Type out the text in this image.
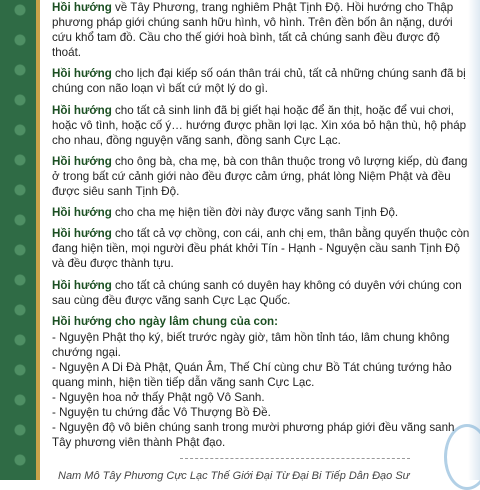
Hồi hướng về Tây Phương, trang nghiêm Phật Tịnh Độ. Hồi hướng cho Thập phương pháp giới chúng sanh hữu hình, vô hình. Trên đền bốn ân nặng, dưới cứu khổ tam đồ. Cầu cho thế giới hoà bình, tất cả chúng sanh đều được độ thoát.

Hồi hướng cho lịch đại kiếp số oán thân trái chủ, tất cả những chúng sanh đã bị chúng con não loạn vì bất cứ một lý do gì.

Hồi hướng cho tất cả sinh linh đã bị giết hại hoặc để ăn thịt, hoặc để vui chơi, hoặc vô tình, hoặc cố ý… hướng được phần lợi lạc. Xin xóa bỏ hận thù, hộ pháp cho nhau, đồng nguyện vãng sanh, đồng sanh Cực Lạc.

Hồi hướng cho ông bà, cha mẹ, bà con thân thuộc trong vô lượng kiếp, dù đang ở trong bất cứ cảnh giới nào đều được cảm ứng, phát lòng Niệm Phật và đều được siêu sanh Tịnh Độ.

Hồi hướng cho cha mẹ hiện tiền đời này được vãng sanh Tịnh Độ.

Hồi hướng cho tất cả vợ chồng, con cái, anh chị em, thân bằng quyến thuộc còn đang hiện tiền, mọi người đều phát khởi Tín - Hạnh - Nguyện cầu sanh Tịnh Độ và đều được thành tựu.

Hồi hướng cho tất cả chúng sanh có duyên hay không có duyên với chúng con sau cùng đều được vãng sanh Cực Lạc Quốc.

Hồi hướng cho ngày lâm chung của con:

- Nguyện Phật thọ ký, biết trước ngày giờ, tâm hồn tỉnh táo, lâm chung không chướng ngại.

- Nguyện A Di Đà Phật, Quán Âm, Thế Chí cùng chư Bồ Tát chúng tướng hảo quang minh, hiện tiền tiếp dẫn vãng sanh Cực Lạc.

- Nguyện hoa nở thấy Phật ngộ Vô Sanh.

- Nguyện tu chứng đắc Vô Thượng Bồ Đề.

- Nguyện độ vô biên chúng sanh trong mười phương pháp giới đều vãng sanh Tây phương viên thành Phật đạo.

Nam Mô Tây Phương Cực Lạc Thế Giới Đại Từ Đại Bi Tiếp Dẫn Đạo Sư
